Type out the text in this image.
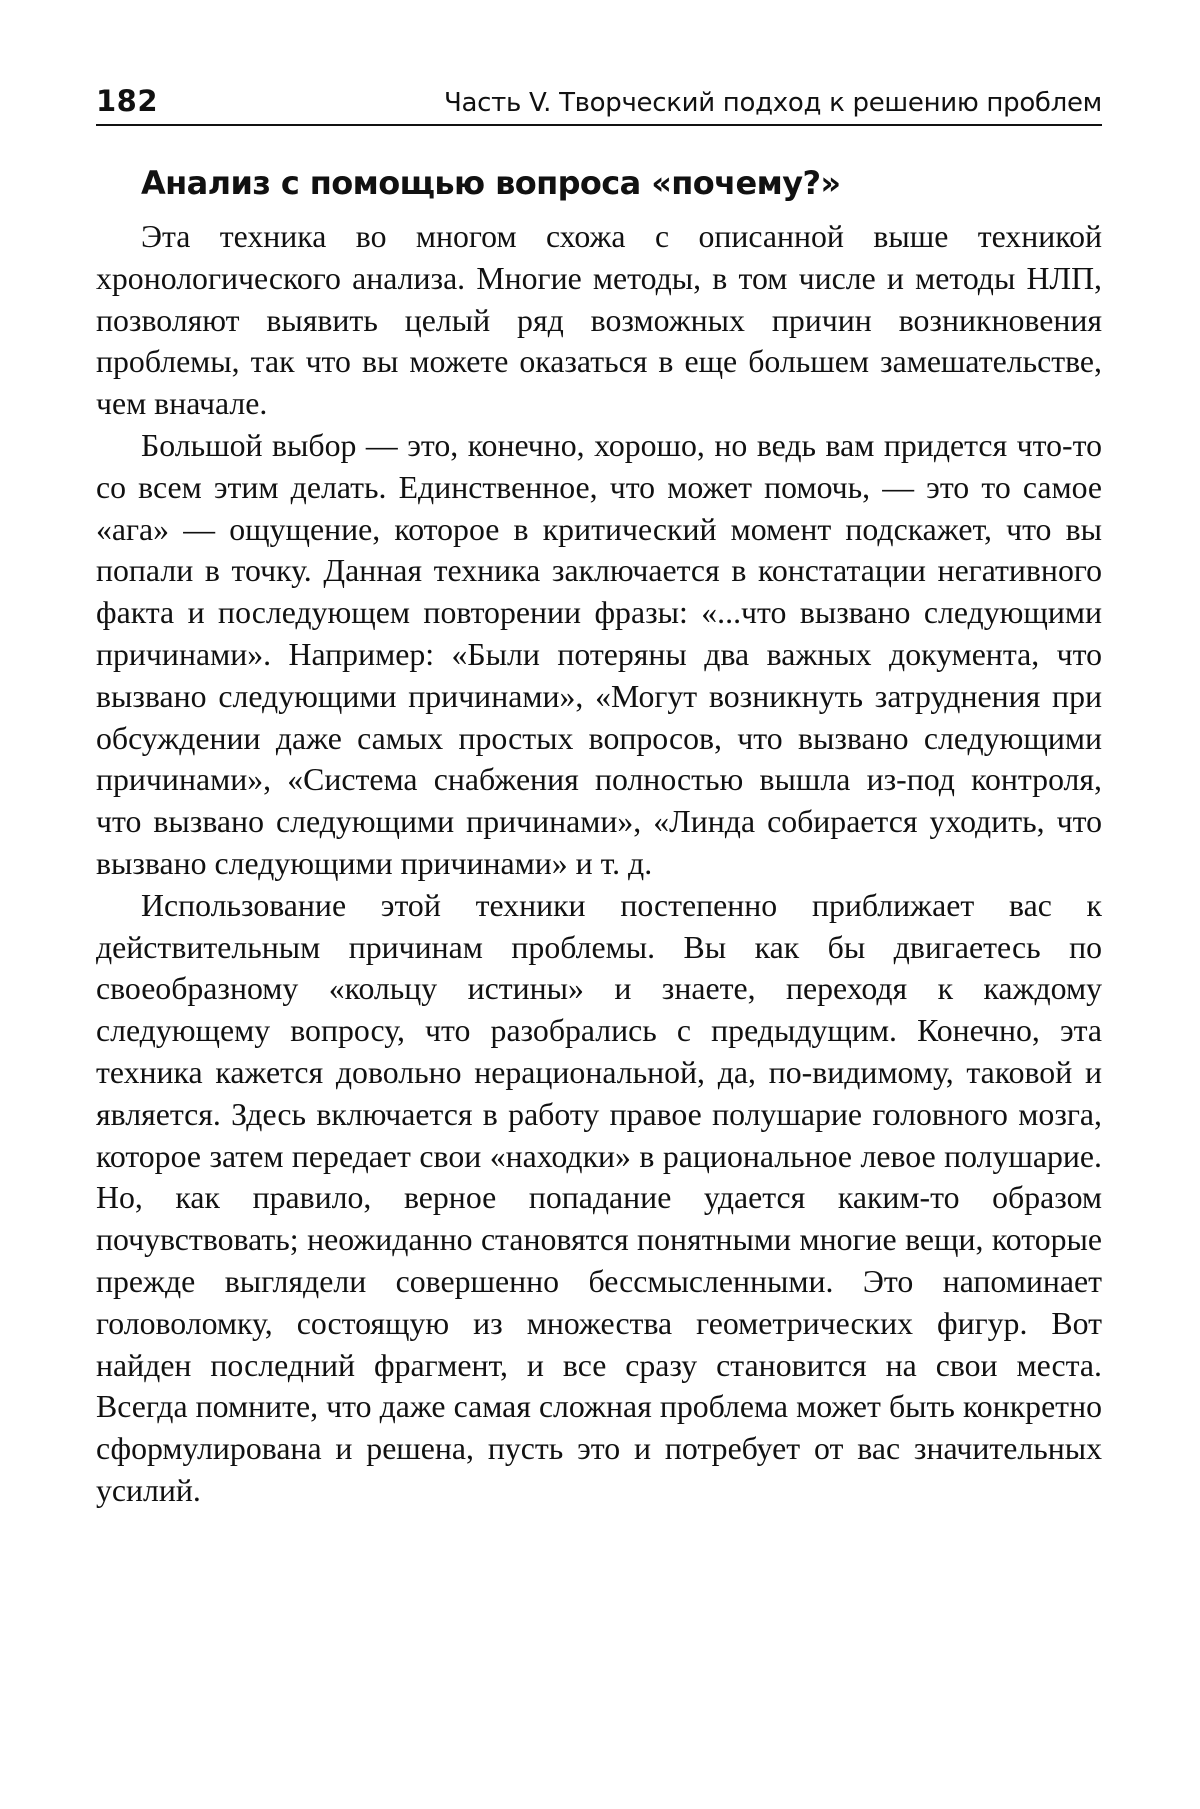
182	Часть V. Творческий подход к решению проблем
Анализ с помощью вопроса «почему?»

Эта техника во многом схожа с описанной выше техникой хронологического анализа. Многие методы, в том числе и методы НЛП, позволяют выявить целый ряд возможных причин возникновения проблемы, так что вы можете оказаться в еще большем замешательстве, чем вначале.

Большой выбор — это, конечно, хорошо, но ведь вам придется что-то со всем этим делать. Единственное, что может помочь, — это то самое «ага» — ощущение, которое в критический момент подскажет, что вы попали в точку. Данная техника заключается в констатации негативного факта и последующем повторении фразы: «...что вызвано следующими причинами». Например: «Были потеряны два важных документа, что вызвано следующими причинами», «Могут возникнуть затруднения при обсуждении даже самых простых вопросов, что вызвано следующими причинами», «Система снабжения полностью вышла из-под контроля, что вызвано следующими причинами», «Линда собирается уходить, что вызвано следующими причинами» и т. д.

Использование этой техники постепенно приближает вас к действительным причинам проблемы. Вы как бы двигаетесь по своеобразному «кольцу истины» и знаете, переходя к каждому следующему вопросу, что разобрались с предыдущим. Конечно, эта техника кажется довольно нерациональной, да, по-видимому, таковой и является. Здесь включается в работу правое полушарие головного мозга, которое затем передает свои «находки» в рациональное левое полушарие. Но, как правило, верное попадание удается каким-то образом почувствовать; неожиданно становятся понятными многие вещи, которые прежде выглядели совершенно бессмысленными. Это напоминает головоломку, состоящую из множества геометрических фигур. Вот найден последний фрагмент, и все сразу становится на свои места. Всегда помните, что даже самая сложная проблема может быть конкретно сформулирована и решена, пусть это и потребует от вас значительных усилий.
